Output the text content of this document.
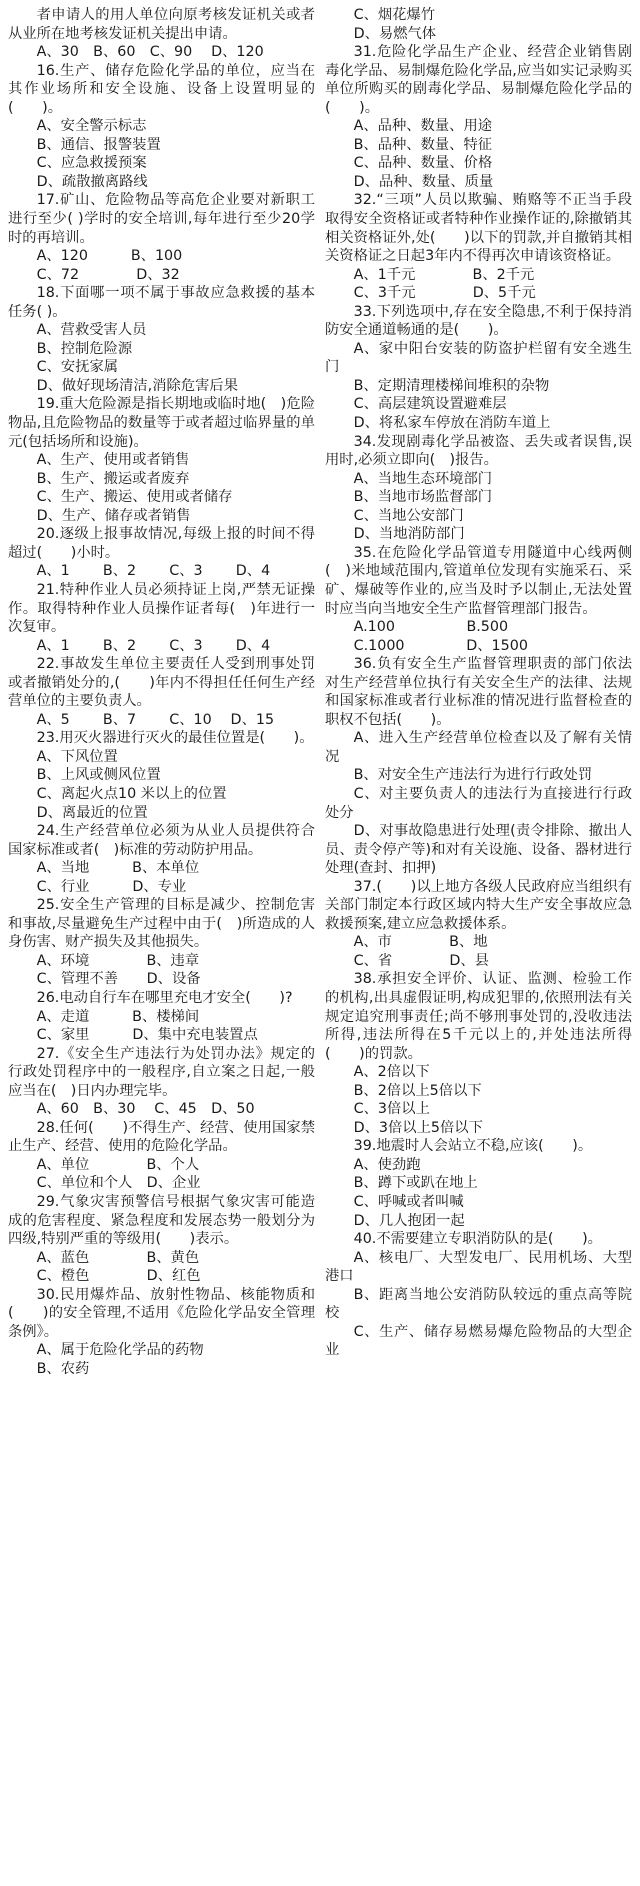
者申请人的用人单位向原考核发证机关或者从业所在地考核发证机关提出申请。

A、30　B、60　C、90　 D、120

16.生产、储存危险化学品的单位，应当在其作业场所和安全设施、设备上设置明显的(　　)。

A、安全警示标志

B、通信、报警装置

C、应急救援预案

D、疏散撤离路线

17.矿山、危险物品等高危企业要对新职工进行至少( )学时的安全培训,每年进行至少20学时的再培训。

A、120　　　B、100

C、72　　　　D、32

18.下面哪一项不属于事故应急救援的基本任务( )。

A、营救受害人员

B、控制危险源

C、安抚家属

D、做好现场清洁,消除危害后果

19.重大危险源是指长期地或临时地(　)危险物品,且危险物品的数量等于或者超过临界量的单元(包括场所和设施)。

A、生产、使用或者销售

B、生产、搬运或者废弃

C、生产、搬运、使用或者储存

D、生产、储存或者销售

20.逐级上报事故情况,每级上报的时间不得超过(　　)小时。

A、1　　 B、2　　 C、3　　 D、4

21.特种作业人员必须持证上岗,严禁无证操作。取得特种作业人员操作证者每(　)年进行一次复审。

A、1　　 B、2　　 C、3　　 D、4

22.事故发生单位主要责任人受到刑事处罚或者撤销处分的,(　　)年内不得担任任何生产经营单位的主要负责人。

A、5　　 B、7　　 C、10　 D、15

23.用灭火器进行灭火的最佳位置是(　　)。

A、下风位置

B、上风或侧风位置

C、离起火点10 米以上的位置

D、离最近的位置

24.生产经营单位必须为从业人员提供符合国家标准或者(　)标准的劳动防护用品。

A、当地　　　B、本单位

C、行业　　　D、专业

25.安全生产管理的目标是减少、控制危害和事故,尽量避免生产过程中由于(　)所造成的人身伤害、财产损失及其他损失。

A、环境　　　　B、违章

C、管理不善　　D、设备

26.电动自行车在哪里充电才安全(　　)?

A、走道　　　B、楼梯间

C、家里　　　D、集中充电装置点

27.《安全生产违法行为处罚办法》规定的行政处罚程序中的一般程序,自立案之日起,一般应当在(　)日内办理完毕。

A、60　B、30　 C、45　D、50

28.任何(　　)不得生产、经营、使用国家禁止生产、经营、使用的危险化学品。

A、单位　　　　B、个人

C、单位和个人　D、企业

29.气象灾害预警信号根据气象灾害可能造成的危害程度、紧急程度和发展态势一般划分为四级,特别严重的等级用(　　)表示。

A、蓝色　　　　B、黄色

C、橙色　　　　D、红色

30.民用爆炸品、放射性物品、核能物质和(　　)的安全管理,不适用《危险化学品安全管理条例》。

A、属于危险化学品的药物

B、农药

C、烟花爆竹

D、易燃气体

31.危险化学品生产企业、经营企业销售剧毒化学品、易制爆危险化学品,应当如实记录购买单位所购买的剧毒化学品、易制爆危险化学品的(　　)。

A、品种、数量、用途

B、品种、数量、特征

C、品种、数量、价格

D、品种、数量、质量

32.“三项”人员以欺骗、贿赂等不正当手段取得安全资格证或者特种作业操作证的,除撤销其相关资格证外,处(　　)以下的罚款,并自撤销其相关资格证之日起3年内不得再次申请该资格证。

A、1千元　　　　B、2千元

C、3千元　　　　D、5千元

33.下列选项中,存在安全隐患,不利于保持消防安全通道畅通的是(　　)。

A、家中阳台安装的防盗护栏留有安全逃生门

B、定期清理楼梯间堆积的杂物

C、高层建筑设置避难层

D、将私家车停放在消防车道上

34.发现剧毒化学品被盗、丢失或者误售,误用时,必须立即向(　)报告。

A、当地生态环境部门

B、当地市场监督部门

C、当地公安部门

D、当地消防部门

35.在危险化学品管道专用隧道中心线两侧(　)米地域范围内,管道单位发现有实施采石、采矿、爆破等作业的,应当及时予以制止,无法处置时应当向当地安全生产监督管理部门报告。

A.100　　　　　B.500

C.1000　　　　 D、1500

36.负有安全生产监督管理职责的部门依法对生产经营单位执行有关安全生产的法律、法规和国家标准或者行业标准的情况进行监督检查的职权不包括(　　)。

A、进入生产经营单位检查以及了解有关情况

B、对安全生产违法行为进行行政处罚

C、对主要负责人的违法行为直接进行行政处分

D、对事故隐患进行处理(责令排除、撤出人员、责令停产等)和对有关设施、设备、器材进行处理(查封、扣押)

37.(　　)以上地方各级人民政府应当组织有关部门制定本行政区域内特大生产安全事故应急救援预案,建立应急救援体系。

A、市　　　　B、地

C、省　　　　D、县

38.承担安全评价、认证、监测、检验工作的机构,出具虚假证明,构成犯罪的,依照刑法有关规定追究刑事责任;尚不够刑事处罚的,没收违法所得,违法所得在5千元以上的,并处违法所得(　　)的罚款。

A、2倍以下

B、2倍以上5倍以下

C、3倍以上

D、3倍以上5倍以下

39.地震时人会站立不稳,应该(　　)。

A、使劲跑

B、蹲下或趴在地上

C、呼喊或者叫喊

D、几人抱团一起

40.不需要建立专职消防队的是(　　)。

A、核电厂、大型发电厂、民用机场、大型港口

B、距离当地公安消防队较远的重点高等院校

C、生产、储存易燃易爆危险物品的大型企业
